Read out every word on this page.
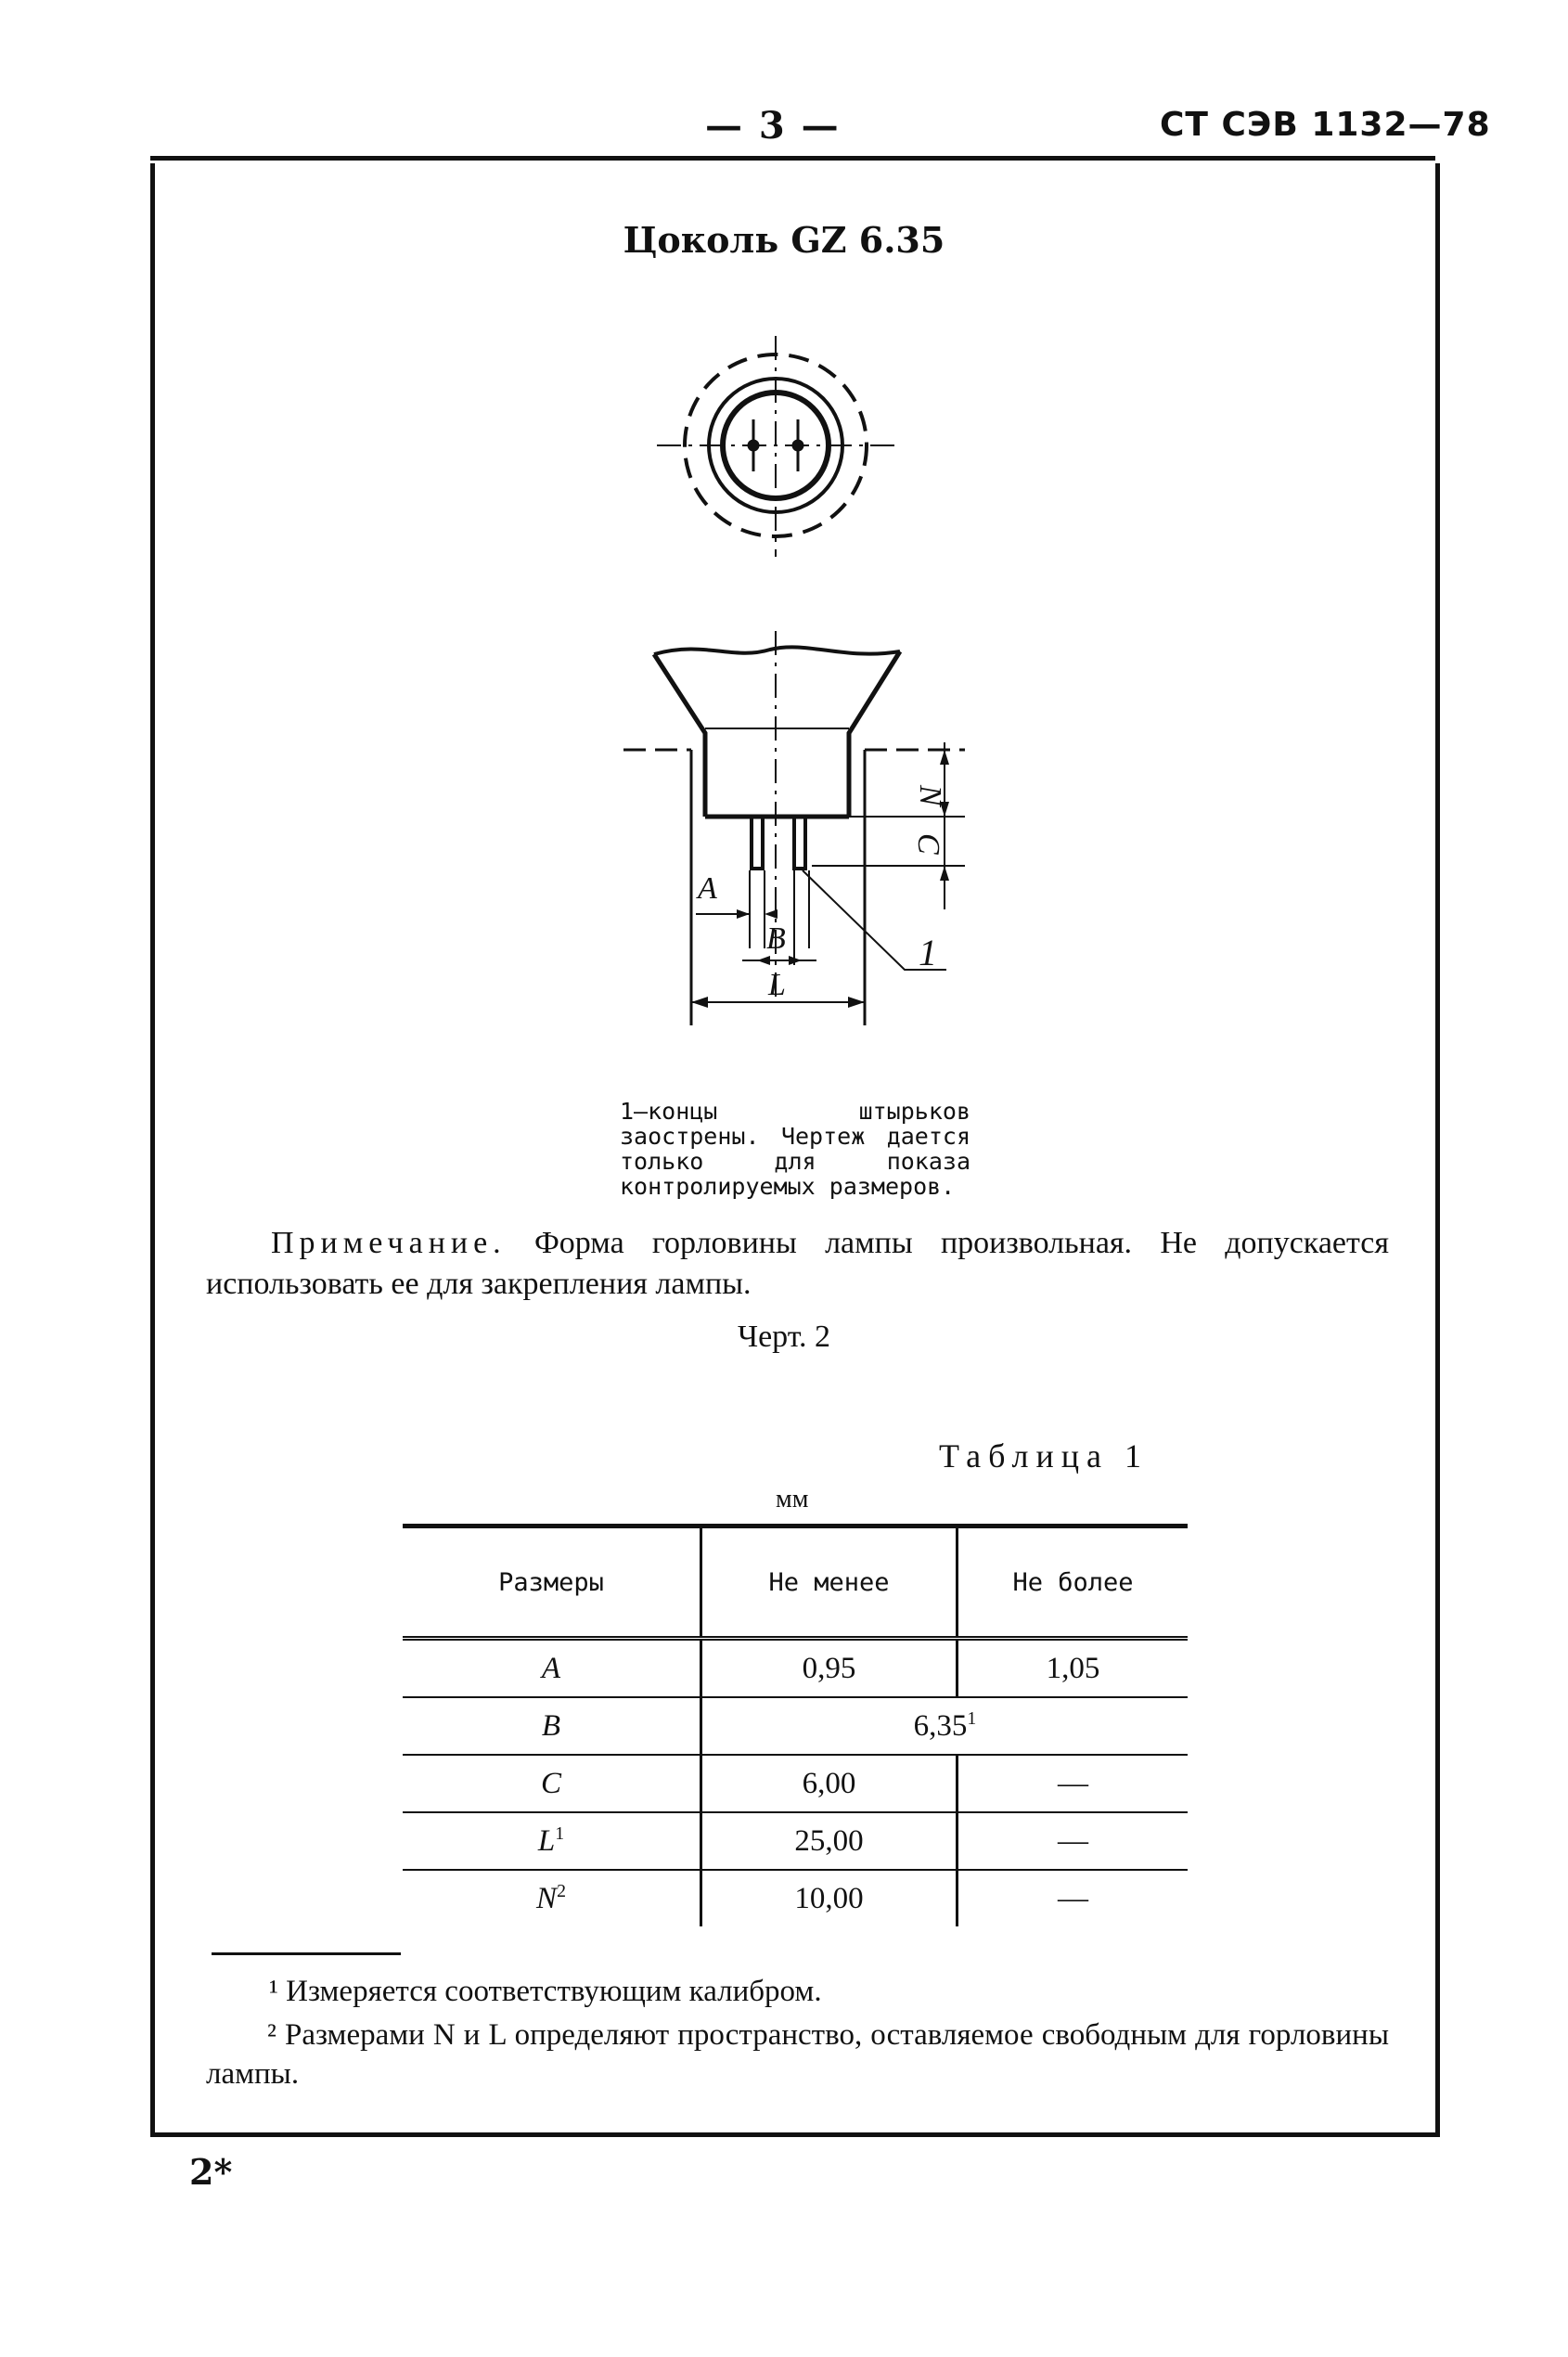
— 3 —	СТ СЭВ 1132—78
Цоколь GZ 6.35
A
B
L
N
C
1
1—концы штырьков заострены. Чертеж дается только для показа контролируемых размеров.
Примечание. Форма горловины лампы произвольная. Не допускается использовать ее для закрепления лампы.
Черт. 2
Таблица 1
мм
Размеры	Не менее	Не более
A	0,95	1,05
B	6,35$^1$
C	6,00	—
$L^1$	25,00	—
$N^2$	10,00	—
¹ Измеряется соответствующим калибром.
² Размерами N и L определяют пространство, оставляемое свободным для горловины лампы.
2*
